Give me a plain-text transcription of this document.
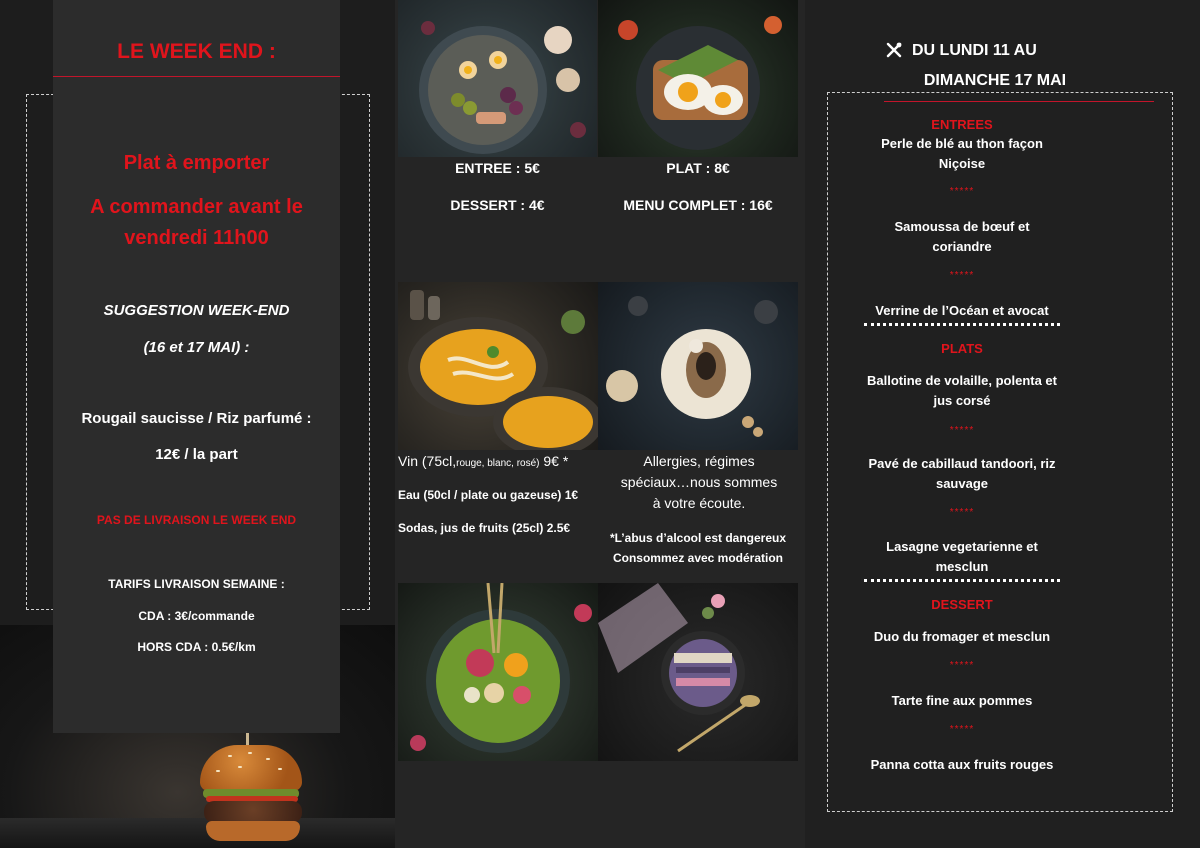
LE WEEK END :
Plat à emporter
A commander avant le
vendredi 11h00
SUGGESTION WEEK-END
(16 et 17 MAI) :
Rougail saucisse / Riz parfumé :
12€ / la part
PAS DE LIVRAISON LE WEEK END
TARIFS LIVRAISON SEMAINE :
CDA : 3€/commande
HORS CDA : 0.5€/km
ENTREE : 5€	PLAT : 8€
DESSERT : 4€	MENU COMPLET : 16€
Vin (75cl,rouge, blanc, rosé) 9€ *
Eau (50cl / plate ou gazeuse) 1€
Sodas, jus de fruits (25cl) 2.5€
Allergies, régimes spéciaux…nous sommes à votre écoute.
*L’abus d’alcool est dangereux
Consommez avec modération
DU LUNDI 11 AU
DIMANCHE 17 MAI
ENTREES
Perle de blé au thon façon Niçoise
*****
Samoussa de bœuf et coriandre
*****
Verrine de l’Océan et avocat
PLATS
Ballotine de volaille, polenta et jus corsé
*****
Pavé de cabillaud tandoori, riz sauvage
*****
Lasagne vegetarienne et mesclun
DESSERT
Duo du fromager et mesclun
*****
Tarte fine aux pommes
*****
Panna cotta aux fruits rouges
